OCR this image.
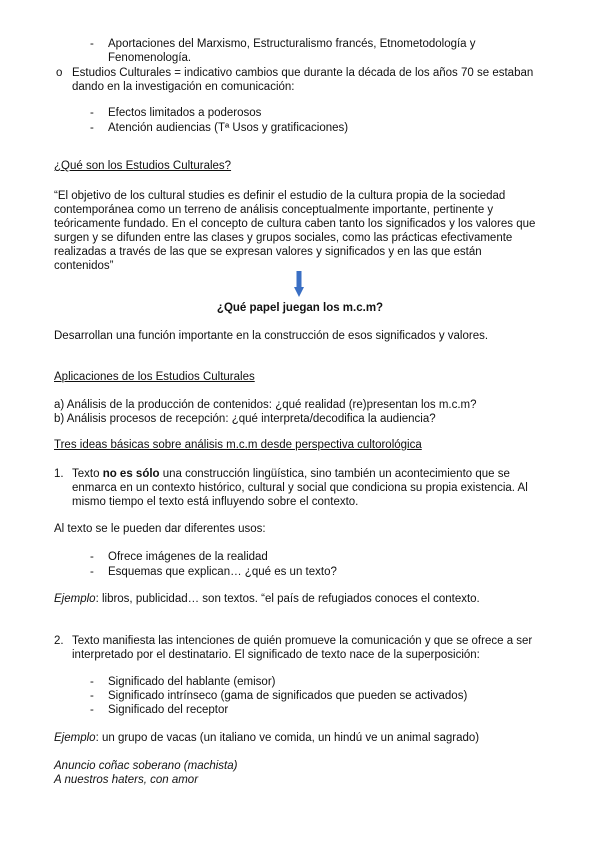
- Aportaciones del Marxismo, Estructuralismo francés, Etnometodología y
Fenomenología.
o Estudios Culturales = indicativo cambios que durante la década de los años 70 se estaban
dando en la investigación en comunicación:
- Efectos limitados a poderosos
- Atención audiencias (Tª Usos y gratificaciones)
¿Qué son los Estudios Culturales?
“El objetivo de los cultural studies es definir el estudio de la cultura propia de la sociedad
contemporánea como un terreno de análisis conceptualmente importante, pertinente y
teóricamente fundado. En el concepto de cultura caben tanto los significados y los valores que
surgen y se difunden entre las clases y grupos sociales, como las prácticas efectivamente
realizadas a través de las que se expresan valores y significados y en las que están
contenidos”
¿Qué papel juegan los m.c.m?
Desarrollan una función importante en la construcción de esos significados y valores.
Aplicaciones de los Estudios Culturales
a) Análisis de la producción de contenidos: ¿qué realidad (re)presentan los m.c.m?
b) Análisis procesos de recepción: ¿qué interpreta/decodifica la audiencia?
Tres ideas básicas sobre análisis m.c.m desde perspectiva cultorológica
1. Texto no es sólo una construcción lingüística, sino también un acontecimiento que se
enmarca en un contexto histórico, cultural y social que condiciona su propia existencia. Al
mismo tiempo el texto está influyendo sobre el contexto.
Al texto se le pueden dar diferentes usos:
- Ofrece imágenes de la realidad
- Esquemas que explican… ¿qué es un texto?
Ejemplo: libros, publicidad… son textos. “el país de refugiados conoces el contexto.
2. Texto manifiesta las intenciones de quién promueve la comunicación y que se ofrece a ser
interpretado por el destinatario. El significado de texto nace de la superposición:
- Significado del hablante (emisor)
- Significado intrínseco (gama de significados que pueden se activados)
- Significado del receptor
Ejemplo: un grupo de vacas (un italiano ve comida, un hindú ve un animal sagrado)
Anuncio coñac soberano (machista)
A nuestros haters, con amor
